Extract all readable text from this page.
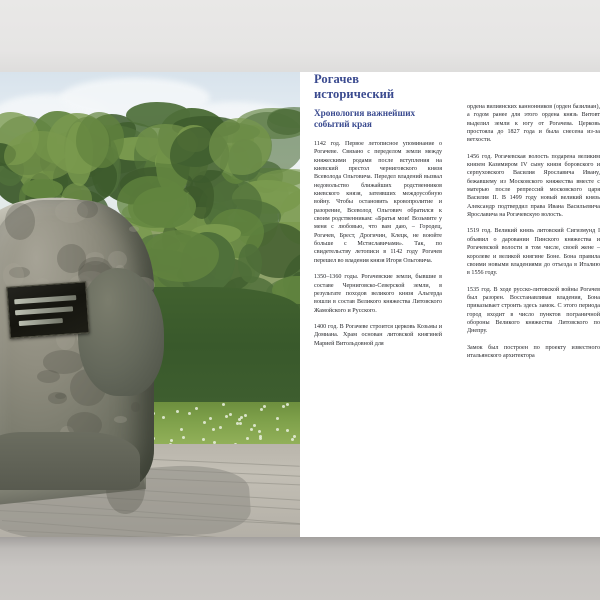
Рогачев исторический
Хронология важнейших
событий края

1142 год. Первое летописное упоминание о Рогачеве. Связано с переделом земли между княжескими родами после вступления на киевский престол черниговского князя Всеволода Ольговича. Передел владений вызвал недовольство ближайших родственников киевского князя, затеявших междоусобную войну. Чтобы остановить кровопролитие и разорение, Всеволод Ольгович обратился к своим родственникам: «Братья мои! Возьмите у меня с любовью, что вам даю, – Городец, Рогачев, Брест, Дрогичин, Клецк, не воюйте больше с Мстиславичами». Так, по свидетельству летописи в 1142 году Рогачев перешел во владения князя Игоря Ольговича.

1350–1360 годы. Рогачевские земли, бывшие в составе Черниговско-Северской земли, в результате походов великого князя Альгерда вошли в состав Великого княжества Литовского Жамойского и Русского.

1400 год. В Рогачеве строится церковь Козьмы и Домиана. Храм основан литовской княгиней Марией Витольдовной для

ордена вилиянских каннонников (орден базилиан), а годом ранее для этого ордена князь Витовт выделил земли к югу от Рогачева. Церковь простояла до 1827 года и была снесена из-за ветхости.

1456 год. Рогачевская волость подарена великим князем Казимиром IV сыну князя боровского и серпуховского Василия Ярославича Ивану, бежавшему из Московского княжества вместе с матерью после репрессий московского царя Василия II. В 1499 году новый великий князь Александр подтвердил права Ивана Васильевича Ярославича на Рогачевскую волость.

1519 год. Великий князь литовский Сигизмунд I объявил о даровании Пинского княжества и Рогачевской волости в том числе, своей жене – королеве и великой княгине Боне. Бона правила своими новыми владениями до отъезда в Италию в 1556 году.

1535 год. В ходе русско-литовской войны Рогачев был разорен. Восстанавливая владения, Бона приказывает строить здесь замок. С этого периода город входит в число пунктов пограничной обороны Великого княжества Литовского по Днепру.

Замок был построен по проекту известного итальянского архитектора
